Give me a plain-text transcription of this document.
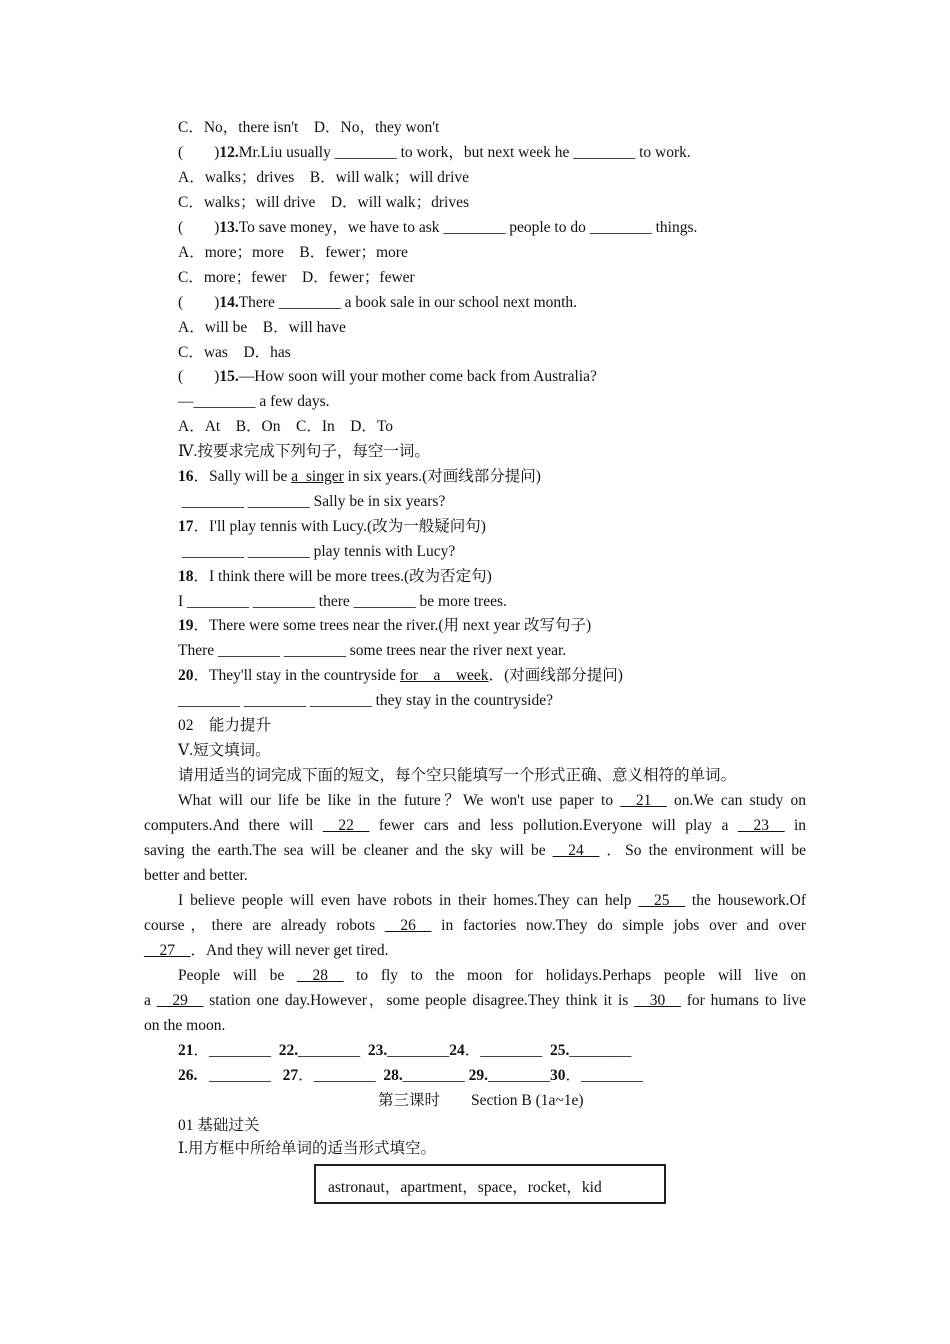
C．No，there isn't　D．No，they won't
(　　)12.Mr.Liu usually ________ to work，but next week he ________ to work.
A．walks；drives　B．will walk；will drive
C．walks；will drive　D．will walk；drives
(　　)13.To save money，we have to ask ________ people to do ________ things.
A．more；more　B．fewer；more
C．more；fewer　D．fewer；fewer
(　　)14.There ________ a book sale in our school next month.
A．will be　B．will have
C．was　D．has
(　　)15.—How soon will your mother come back from Australia?
—________ a few days.
A．At　B．On　C．In　D．To
Ⅳ.按要求完成下列句子，每空一词。
16．Sally will be a  singer in six years.(对画线部分提问)
________ ________ Sally be in six years?
17．I'll play tennis with Lucy.(改为一般疑问句)
________ ________ play tennis with Lucy?
18．I think there will be more trees.(改为否定句)
I ________ ________ there ________ be more trees.
19．There were some trees near the river.(用 next year 改写句子)
There ________ ________ some trees near the river next year.
20．They'll stay in the countryside for    a    week．(对画线部分提问)
________ ________ ________ they stay in the countryside?
02　能力提升
Ⅴ.短文填词。
请用适当的词完成下面的短文，每个空只能填写一个形式正确、意义相符的单词。
What will our life be like in the future？We won't use paper to __21__ on.We can study on
computers.And there will __22__ fewer cars and less pollution.Everyone will play a __23__ in
saving the earth.The sea will be cleaner and the sky will be __24__ ．So the environment will be
better and better.
I believe people will even have robots in their homes.They can help __25__ the housework.Of
course，there are already robots __26__ in factories now.They do simple jobs over and over
__27__．And they will never get tired.
People will be __28__ to fly to the moon for holidays.Perhaps people will live on
a __29__ station one day.However，some people disagree.They think it is __30__ for humans to live
on the moon.
21．________ 22.________ 23.________24．________ 25.________
26. ________ 27．________ 28.________ 29.________30．________
第三课时　　Section B (1a~1e)
01 基础过关
Ⅰ.用方框中所给单词的适当形式填空。
astronaut，apartment，space，rocket，kid
